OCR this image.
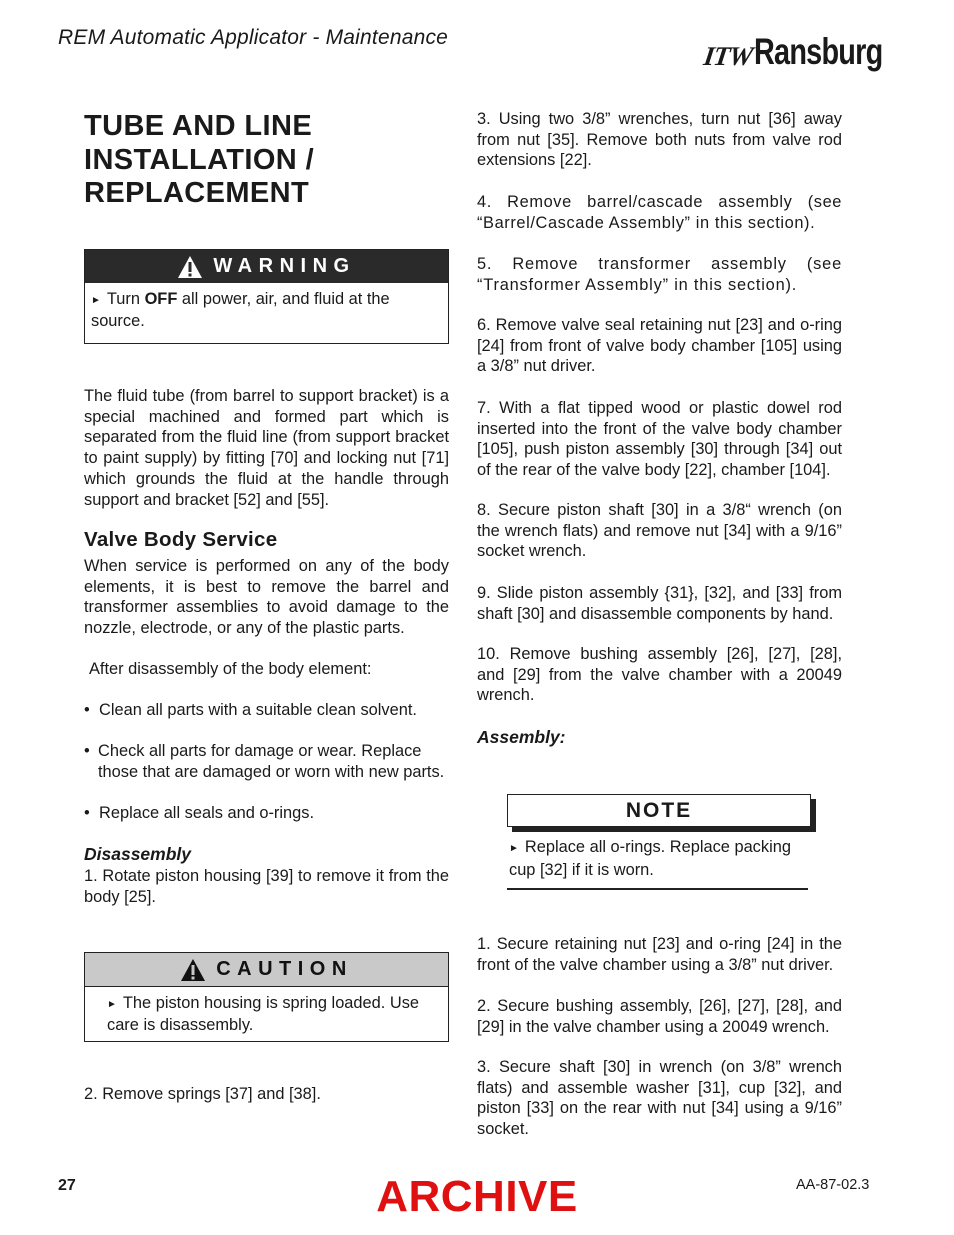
REM Automatic Applicator - Maintenance
ITW Ransburg
TUBE AND LINE
INSTALLATION /
REPLACEMENT
WARNING
► Turn OFF all power, air, and fluid at the source.
The fluid tube (from barrel to support bracket) is a special machined and formed part which is separated from the fluid line (from support bracket to paint supply) by fitting [70] and locking nut [71] which grounds the fluid at the handle through support and bracket [52] and [55].
Valve Body Service
When service is performed on any of the body elements, it is best to remove the barrel and transformer assemblies to avoid damage to the nozzle, electrode, or any of the plastic parts.
After disassembly of the body element:
• Clean all parts with a suitable clean solvent.
• Check all parts for damage or wear. Replace those that are damaged or worn with new parts.
• Replace all seals and o-rings.
Disassembly
1. Rotate piston housing [39] to remove it from the body [25].
CAUTION
► The piston housing is spring loaded. Use care is disassembly.
2. Remove springs [37] and [38].
3. Using two 3/8” wrenches, turn nut [36] away from nut [35]. Remove both nuts from valve rod extensions [22].
4. Remove barrel/cascade assembly (see “Barrel/Cascade Assembly” in this section).
5. Remove transformer assembly (see “Transformer Assembly” in this section).
6. Remove valve seal retaining nut [23] and o-ring [24] from front of valve body chamber [105] using a 3/8” nut driver.
7. With a flat tipped wood or plastic dowel rod inserted into the front of the valve body chamber [105], push piston assembly [30] through [34] out of the rear of the valve body [22], chamber [104].
8. Secure piston shaft [30] in a 3/8“ wrench (on the wrench flats) and remove nut [34] with a 9/16” socket wrench.
9. Slide piston assembly {31}, [32], and [33] from shaft [30] and disassemble components by hand.
10. Remove bushing assembly [26], [27], [28], and [29] from the valve chamber with a 20049 wrench.
Assembly:
NOTE
► Replace all o-rings. Replace packing cup [32] if it is worn.
1. Secure retaining nut [23] and o-ring [24] in the front of the valve chamber using a 3/8” nut driver.
2. Secure bushing assembly, [26], [27], [28], and [29] in the valve chamber using a 20049 wrench.
3. Secure shaft [30] in wrench (on 3/8” wrench flats) and assemble washer [31], cup [32], and piston [33] on the rear with nut [34] using a 9/16” socket.
27	AA-87-02.3
ARCHIVE
